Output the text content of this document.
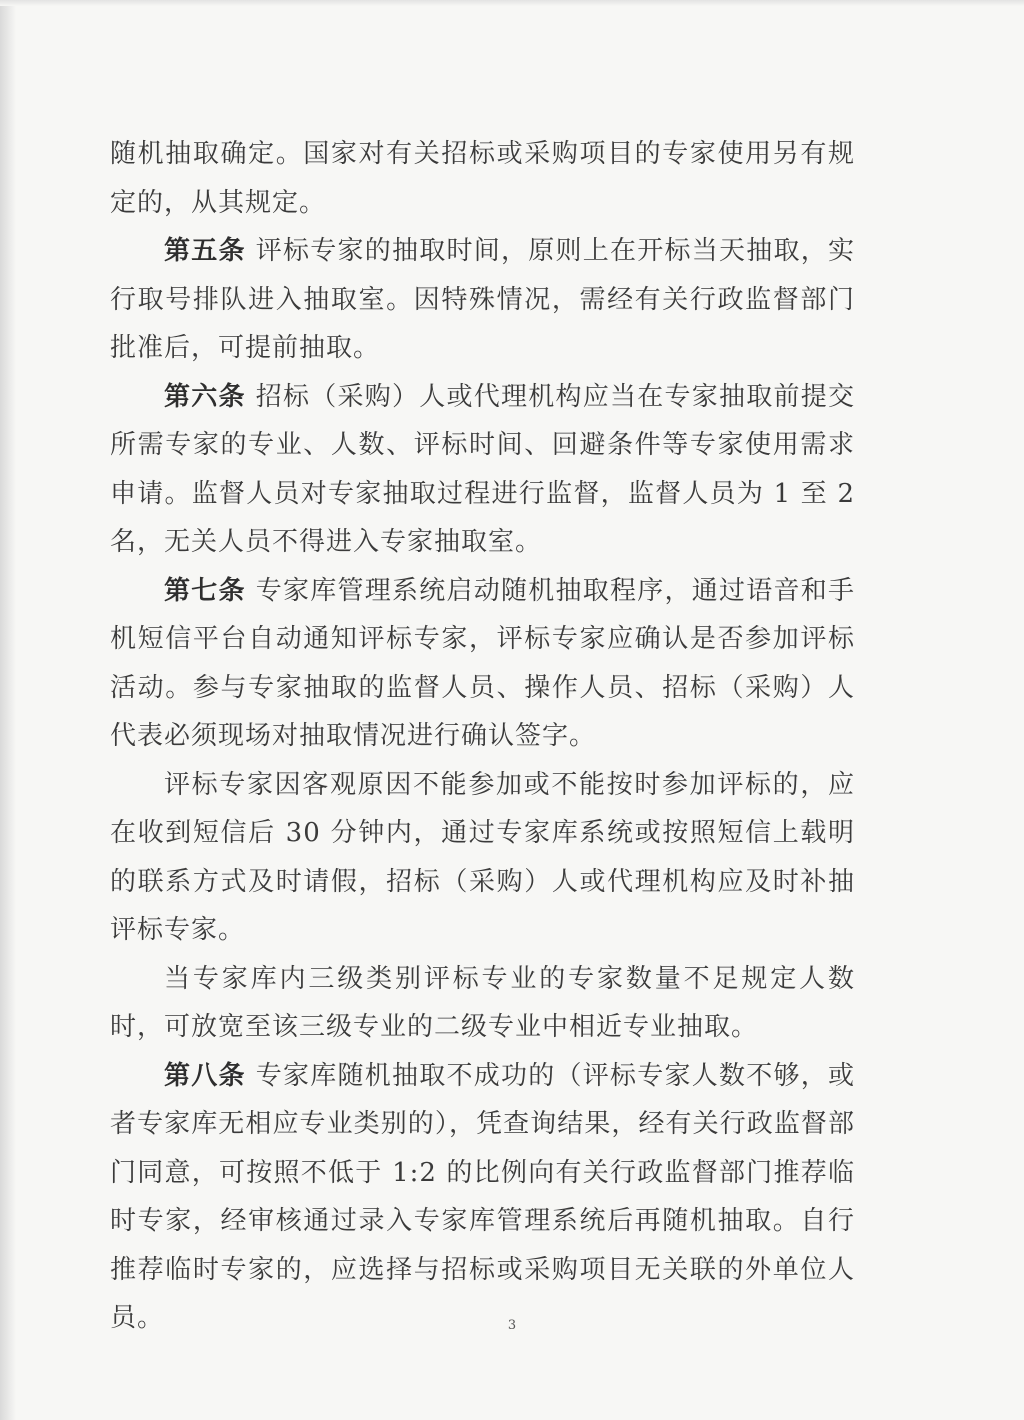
随机抽取确定。国家对有关招标或采购项目的专家使用另有规定的，从其规定。

第五条 评标专家的抽取时间，原则上在开标当天抽取，实行取号排队进入抽取室。因特殊情况，需经有关行政监督部门批准后，可提前抽取。

第六条 招标（采购）人或代理机构应当在专家抽取前提交所需专家的专业、人数、评标时间、回避条件等专家使用需求申请。监督人员对专家抽取过程进行监督，监督人员为 1 至 2 名，无关人员不得进入专家抽取室。

第七条 专家库管理系统启动随机抽取程序，通过语音和手机短信平台自动通知评标专家，评标专家应确认是否参加评标活动。参与专家抽取的监督人员、操作人员、招标（采购）人代表必须现场对抽取情况进行确认签字。

评标专家因客观原因不能参加或不能按时参加评标的，应在收到短信后 30 分钟内，通过专家库系统或按照短信上载明的联系方式及时请假，招标（采购）人或代理机构应及时补抽评标专家。

当专家库内三级类别评标专业的专家数量不足规定人数时，可放宽至该三级专业的二级专业中相近专业抽取。

第八条 专家库随机抽取不成功的（评标专家人数不够，或者专家库无相应专业类别的），凭查询结果，经有关行政监督部门同意，可按照不低于 1:2 的比例向有关行政监督部门推荐临时专家，经审核通过录入专家库管理系统后再随机抽取。自行推荐临时专家的，应选择与招标或采购项目无关联的外单位人员。	3
